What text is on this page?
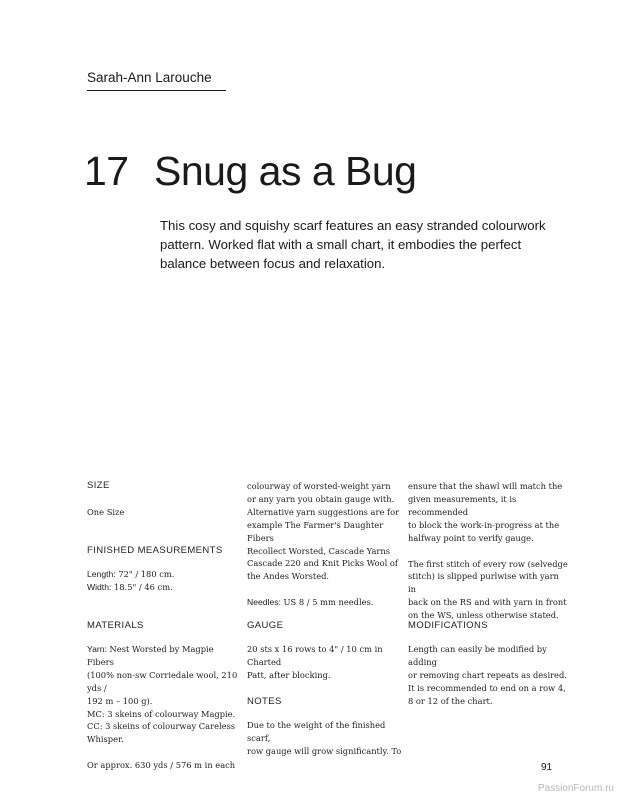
Sarah-Ann Larouche
17 Snug as a Bug
This cosy and squishy scarf features an easy stranded colourwork pattern. Worked flat with a small chart, it embodies the perfect balance between focus and relaxation.
SIZE
One Size
FINISHED MEASUREMENTS
Length: 72" / 180 cm.
Width: 18.5" / 46 cm.
MATERIALS
Yarn: Nest Worsted by Magpie Fibers
(100% non-sw Corriedale wool, 210 yds /
192 m – 100 g).
MC: 3 skeins of colourway Magpie.
CC: 3 skeins of colourway Careless
Whisper.
Or approx. 630 yds / 576 m in each
colourway of worsted-weight yarn
or any yarn you obtain gauge with.
Alternative yarn suggestions are for
example The Farmer's Daughter Fibers
Recollect Worsted, Cascade Yarns
Cascade 220 and Knit Picks Wool of
the Andes Worsted.
Needles: US 8 / 5 mm needles.
GAUGE
20 sts x 16 rows to 4" / 10 cm in Charted
Patt, after blocking.
NOTES
Due to the weight of the finished scarf,
row gauge will grow significantly. To
ensure that the shawl will match the
given measurements, it is recommended
to block the work-in-progress at the
halfway point to verify gauge.
The first stitch of every row (selvedge
stitch) is slipped purlwise with yarn in
back on the RS and with yarn in front
on the WS, unless otherwise stated.
MODIFICATIONS
Length can easily be modified by adding
or removing chart repeats as desired.
It is recommended to end on a row 4,
8 or 12 of the chart.
91
PassionForum.ru
